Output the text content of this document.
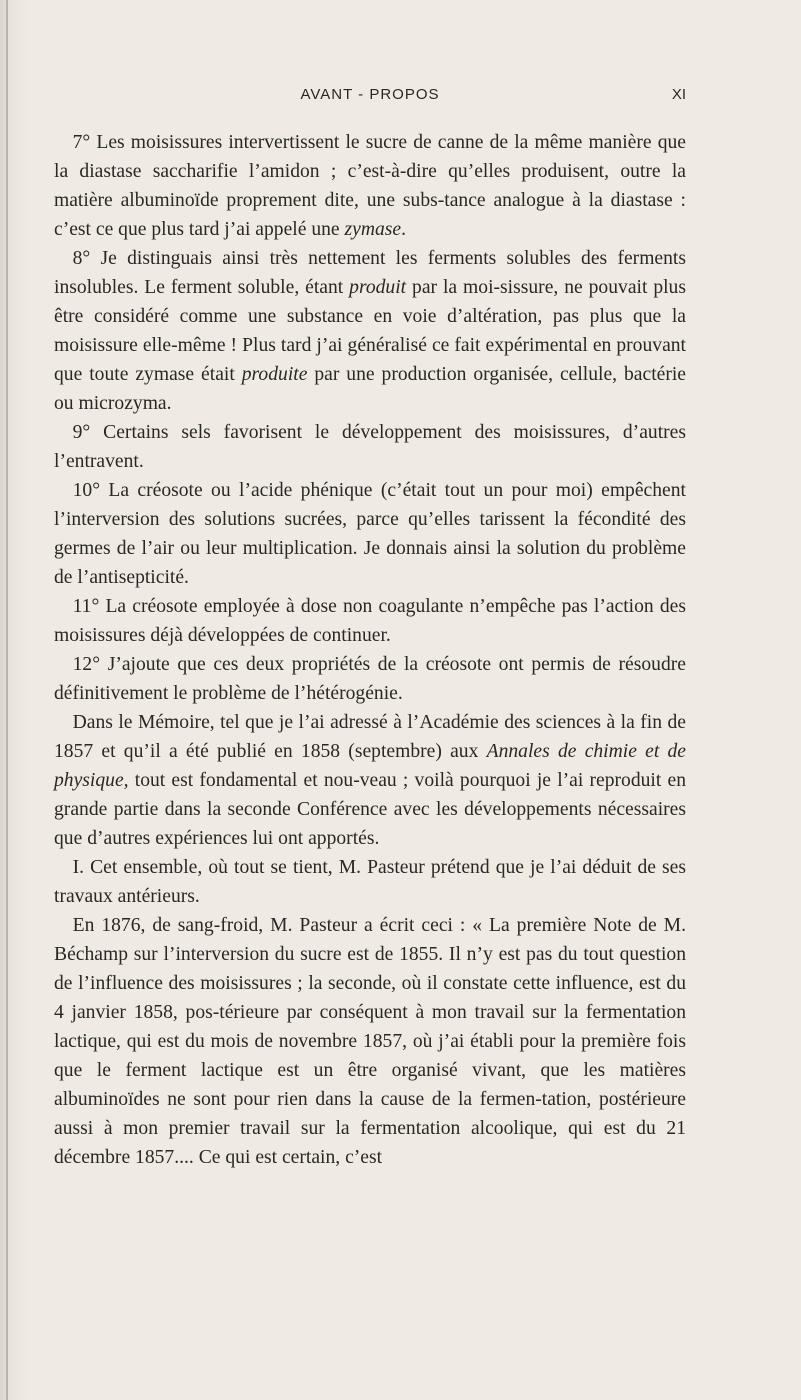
AVANT - PROPOS	XI

7° Les moisissures intervertissent le sucre de canne de la même manière que la diastase saccharifie l’amidon ; c’est-à-dire qu’elles produisent, outre la matière albuminoïde proprement dite, une subs-tance analogue à la diastase : c’est ce que plus tard j’ai appelé une zymase.

8° Je distinguais ainsi très nettement les ferments solubles des ferments insolubles. Le ferment soluble, étant produit par la moi-sissure, ne pouvait plus être considéré comme une substance en voie d’altération, pas plus que la moisissure elle-même ! Plus tard j’ai généralisé ce fait expérimental en prouvant que toute zymase était produite par une production organisée, cellule, bactérie ou microzyma.

9° Certains sels favorisent le développement des moisissures, d’autres l’entravent.

10° La créosote ou l’acide phénique (c’était tout un pour moi) empêchent l’interversion des solutions sucrées, parce qu’elles tarissent la fécondité des germes de l’air ou leur multiplication. Je donnais ainsi la solution du problème de l’antisepticité.

11° La créosote employée à dose non coagulante n’empêche pas l’action des moisissures déjà développées de continuer.

12° J’ajoute que ces deux propriétés de la créosote ont permis de résoudre définitivement le problème de l’hétérogénie.

Dans le Mémoire, tel que je l’ai adressé à l’Académie des sciences à la fin de 1857 et qu’il a été publié en 1858 (septembre) aux Annales de chimie et de physique, tout est fondamental et nou-veau ; voilà pourquoi je l’ai reproduit en grande partie dans la seconde Conférence avec les développements nécessaires que d’autres expériences lui ont apportés.

I. Cet ensemble, où tout se tient, M. Pasteur prétend que je l’ai déduit de ses travaux antérieurs.

En 1876, de sang-froid, M. Pasteur a écrit ceci : « La première Note de M. Béchamp sur l’interversion du sucre est de 1855. Il n’y est pas du tout question de l’influence des moisissures ; la seconde, où il constate cette influence, est du 4 janvier 1858, pos-térieure par conséquent à mon travail sur la fermentation lactique, qui est du mois de novembre 1857, où j’ai établi pour la première fois que le ferment lactique est un être organisé vivant, que les matières albuminoïdes ne sont pour rien dans la cause de la fermen-tation, postérieure aussi à mon premier travail sur la fermentation alcoolique, qui est du 21 décembre 1857.... Ce qui est certain, c’est
